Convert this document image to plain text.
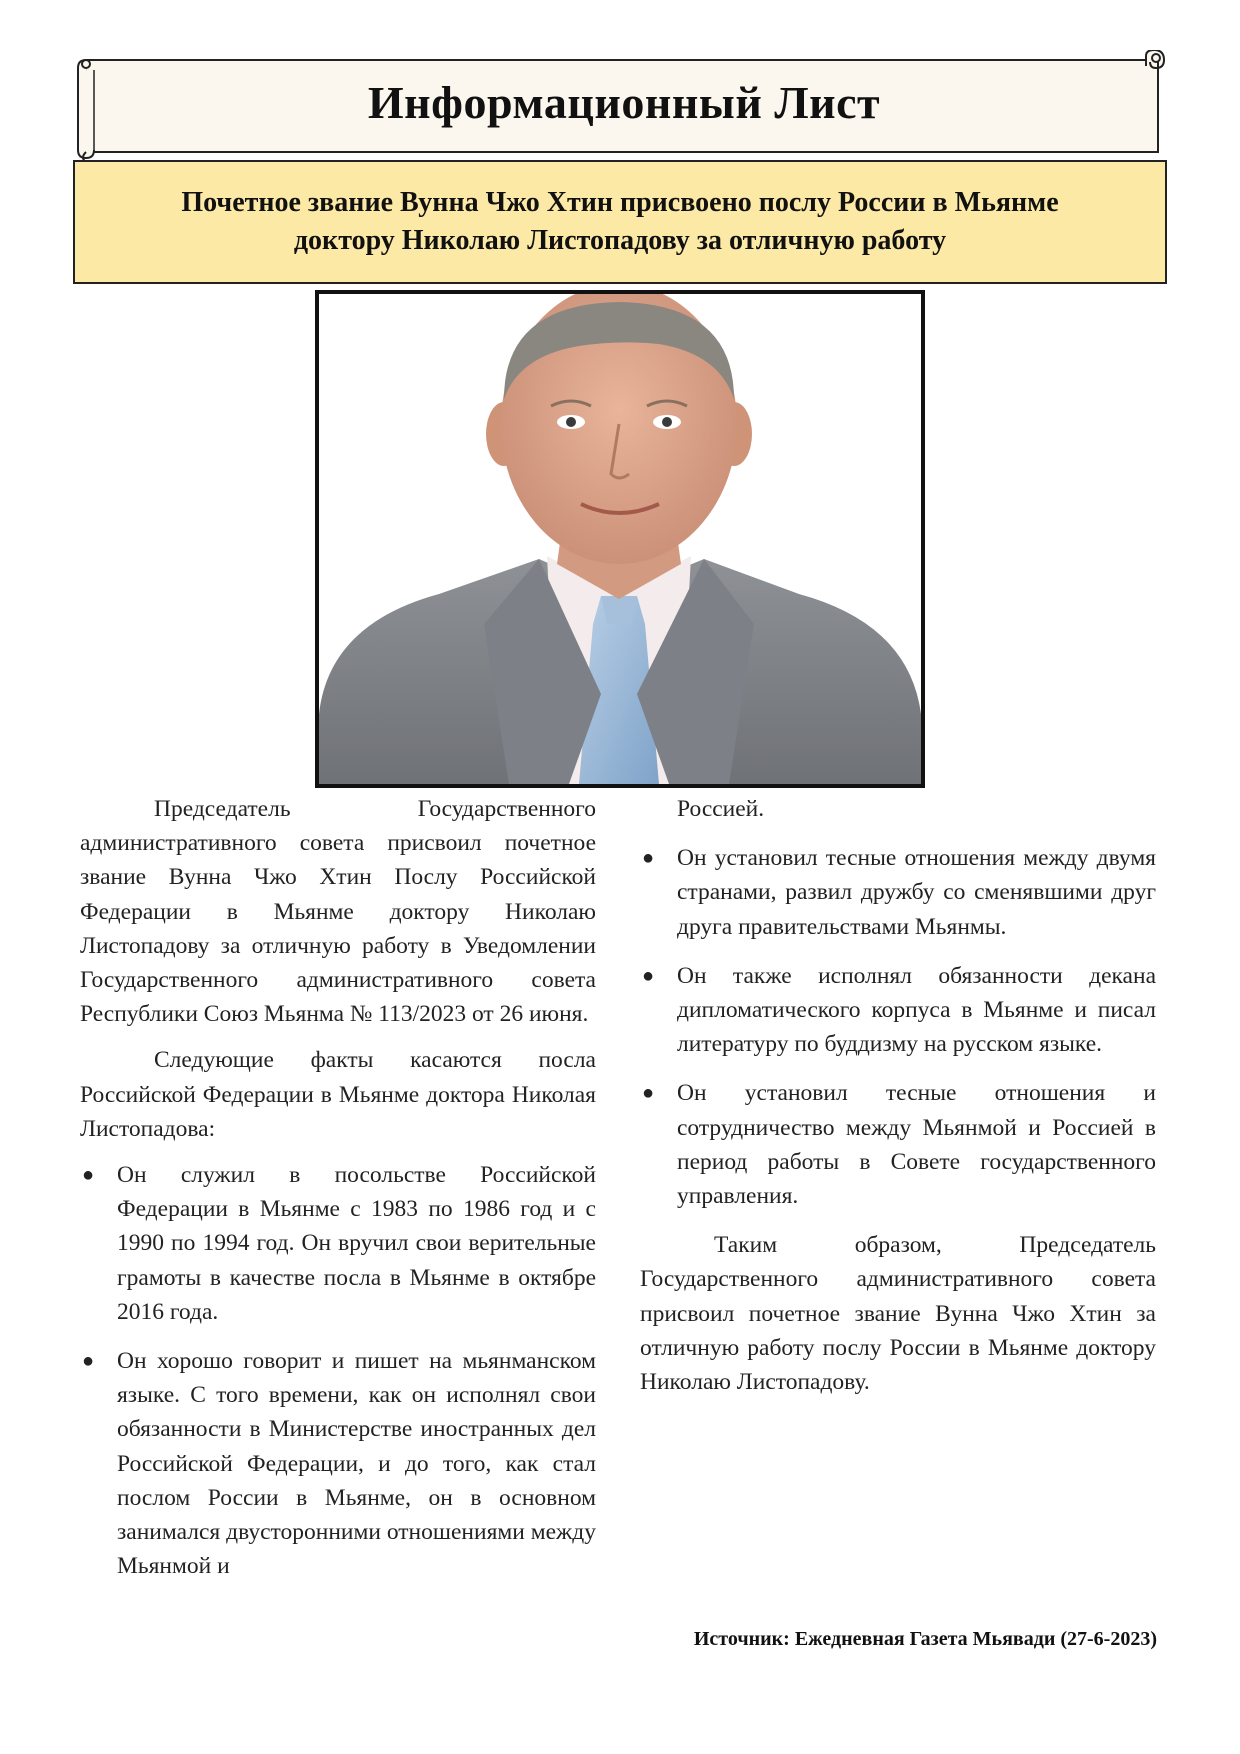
Информационный Лист
Почетное звание Вунна Чжо Хтин присвоено послу России в Мьянме
доктору Николаю Листопадову за отличную работу

Председатель Государственного административного совета присвоил почетное звание Вунна Чжо Хтин Послу Российской Федерации в Мьянме доктору Николаю Листопадову за отличную работу в Уведомлении Государственного административного совета Республики Союз Мьянма № 113/2023 от 26 июня.

Следующие факты касаются посла Российской Федерации в Мьянме доктора Николая Листопадова:

● Он служил в посольстве Российской Федерации в Мьянме с 1983 по 1986 год и с 1990 по 1994 год. Он вручил свои верительные грамоты в качестве посла в Мьянме в октябре 2016 года.
● Он хорошо говорит и пишет на мьянманском языке. С того времени, как он исполнял свои обязанности в Министерстве иностранных дел Российской Федерации, и до того, как стал послом России в Мьянме, он в основном занимался двусторонними отношениями между Мьянмой и

Россией.

● Он установил тесные отношения между двумя странами, развил дружбу со сменявшими друг друга правительствами Мьянмы.
● Он также исполнял обязанности декана дипломатического корпуса в Мьянме и писал литературу по буддизму на русском языке.
● Он установил тесные отношения и сотрудничество между Мьянмой и Россией в период работы в Совете государственного управления.

Таким образом, Председатель Государственного административного совета присвоил почетное звание Вунна Чжо Хтин за отличную работу послу России в Мьянме доктору Николаю Листопадову.

Источник: Ежедневная Газета Мьявади (27-6-2023)
